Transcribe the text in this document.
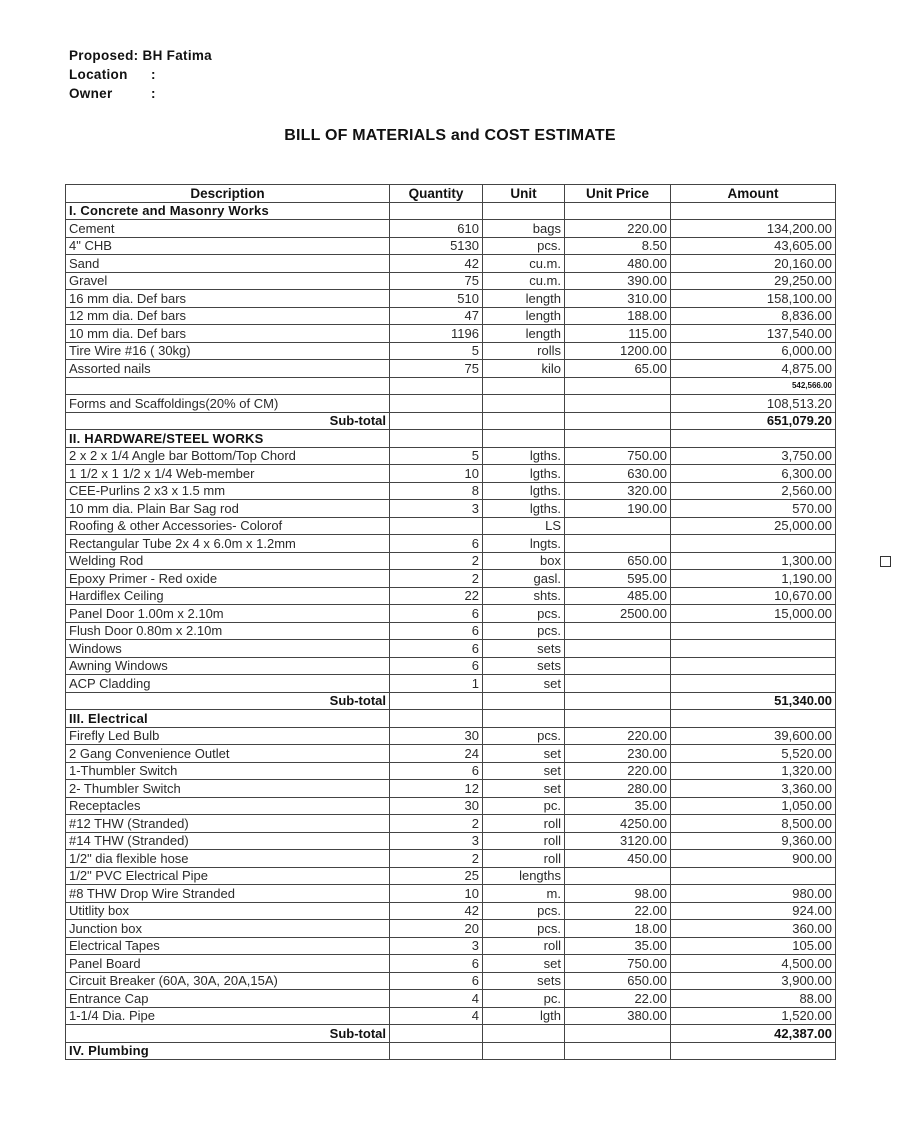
Proposed:
BH Fatima
Location	:
Owner	:
BILL OF MATERIALS and COST ESTIMATE
Description	Quantity	Unit	Unit Price	Amount
I. Concrete and Masonry Works				
Cement	610	bags	220.00	134,200.00
4" CHB	5130	pcs.	8.50	43,605.00
Sand	42	cu.m.	480.00	20,160.00
Gravel	75	cu.m.	390.00	29,250.00
16 mm dia. Def bars	510	length	310.00	158,100.00
12 mm dia. Def bars	47	length	188.00	8,836.00
10 mm dia. Def bars	1196	length	115.00	137,540.00
Tire Wire #16 ( 30kg)	5	rolls	1200.00	6,000.00
Assorted nails	75	kilo	65.00	4,875.00
				542,566.00
Forms and Scaffoldings(20% of CM)				108,513.20
Sub-total				651,079.20
II. HARDWARE/STEEL WORKS				
2 x 2 x 1/4 Angle bar Bottom/Top Chord	5	lgths.	750.00	3,750.00
1 1/2 x 1 1/2 x 1/4 Web-member	10	lgths.	630.00	6,300.00
CEE-Purlins 2 x3 x 1.5 mm	8	lgths.	320.00	2,560.00
10 mm dia. Plain Bar Sag rod	3	lgths.	190.00	570.00
Roofing & other Accessories- Colorof		LS		25,000.00
Rectangular Tube 2x 4 x 6.0m x 1.2mm	6	lngts.		
Welding Rod	2	box	650.00	1,300.00
Epoxy Primer - Red oxide	2	gasl.	595.00	1,190.00
Hardiflex Ceiling	22	shts.	485.00	10,670.00
Panel Door 1.00m x 2.10m	6	pcs.	2500.00	15,000.00
Flush Door 0.80m x 2.10m	6	pcs.		
Windows	6	sets		
Awning Windows	6	sets		
ACP Cladding	1	set		
Sub-total				51,340.00
III. Electrical				
Firefly Led Bulb	30	pcs.	220.00	39,600.00
2 Gang Convenience Outlet	24	set	230.00	5,520.00
1-Thumbler Switch	6	set	220.00	1,320.00
2- Thumbler Switch	12	set	280.00	3,360.00
Receptacles	30	pc.	35.00	1,050.00
#12 THW (Stranded)	2	roll	4250.00	8,500.00
#14 THW (Stranded)	3	roll	3120.00	9,360.00
1/2" dia flexible hose	2	roll	450.00	900.00
1/2" PVC Electrical Pipe	25	lengths		
#8 THW Drop Wire Stranded	10	m.	98.00	980.00
Utitlity box	42	pcs.	22.00	924.00
Junction box	20	pcs.	18.00	360.00
Electrical Tapes	3	roll	35.00	105.00
Panel Board	6	set	750.00	4,500.00
Circuit Breaker (60A, 30A, 20A,15A)	6	sets	650.00	3,900.00
Entrance Cap	4	pc.	22.00	88.00
1-1/4 Dia. Pipe	4	lgth	380.00	1,520.00
Sub-total				42,387.00
IV. Plumbing				
